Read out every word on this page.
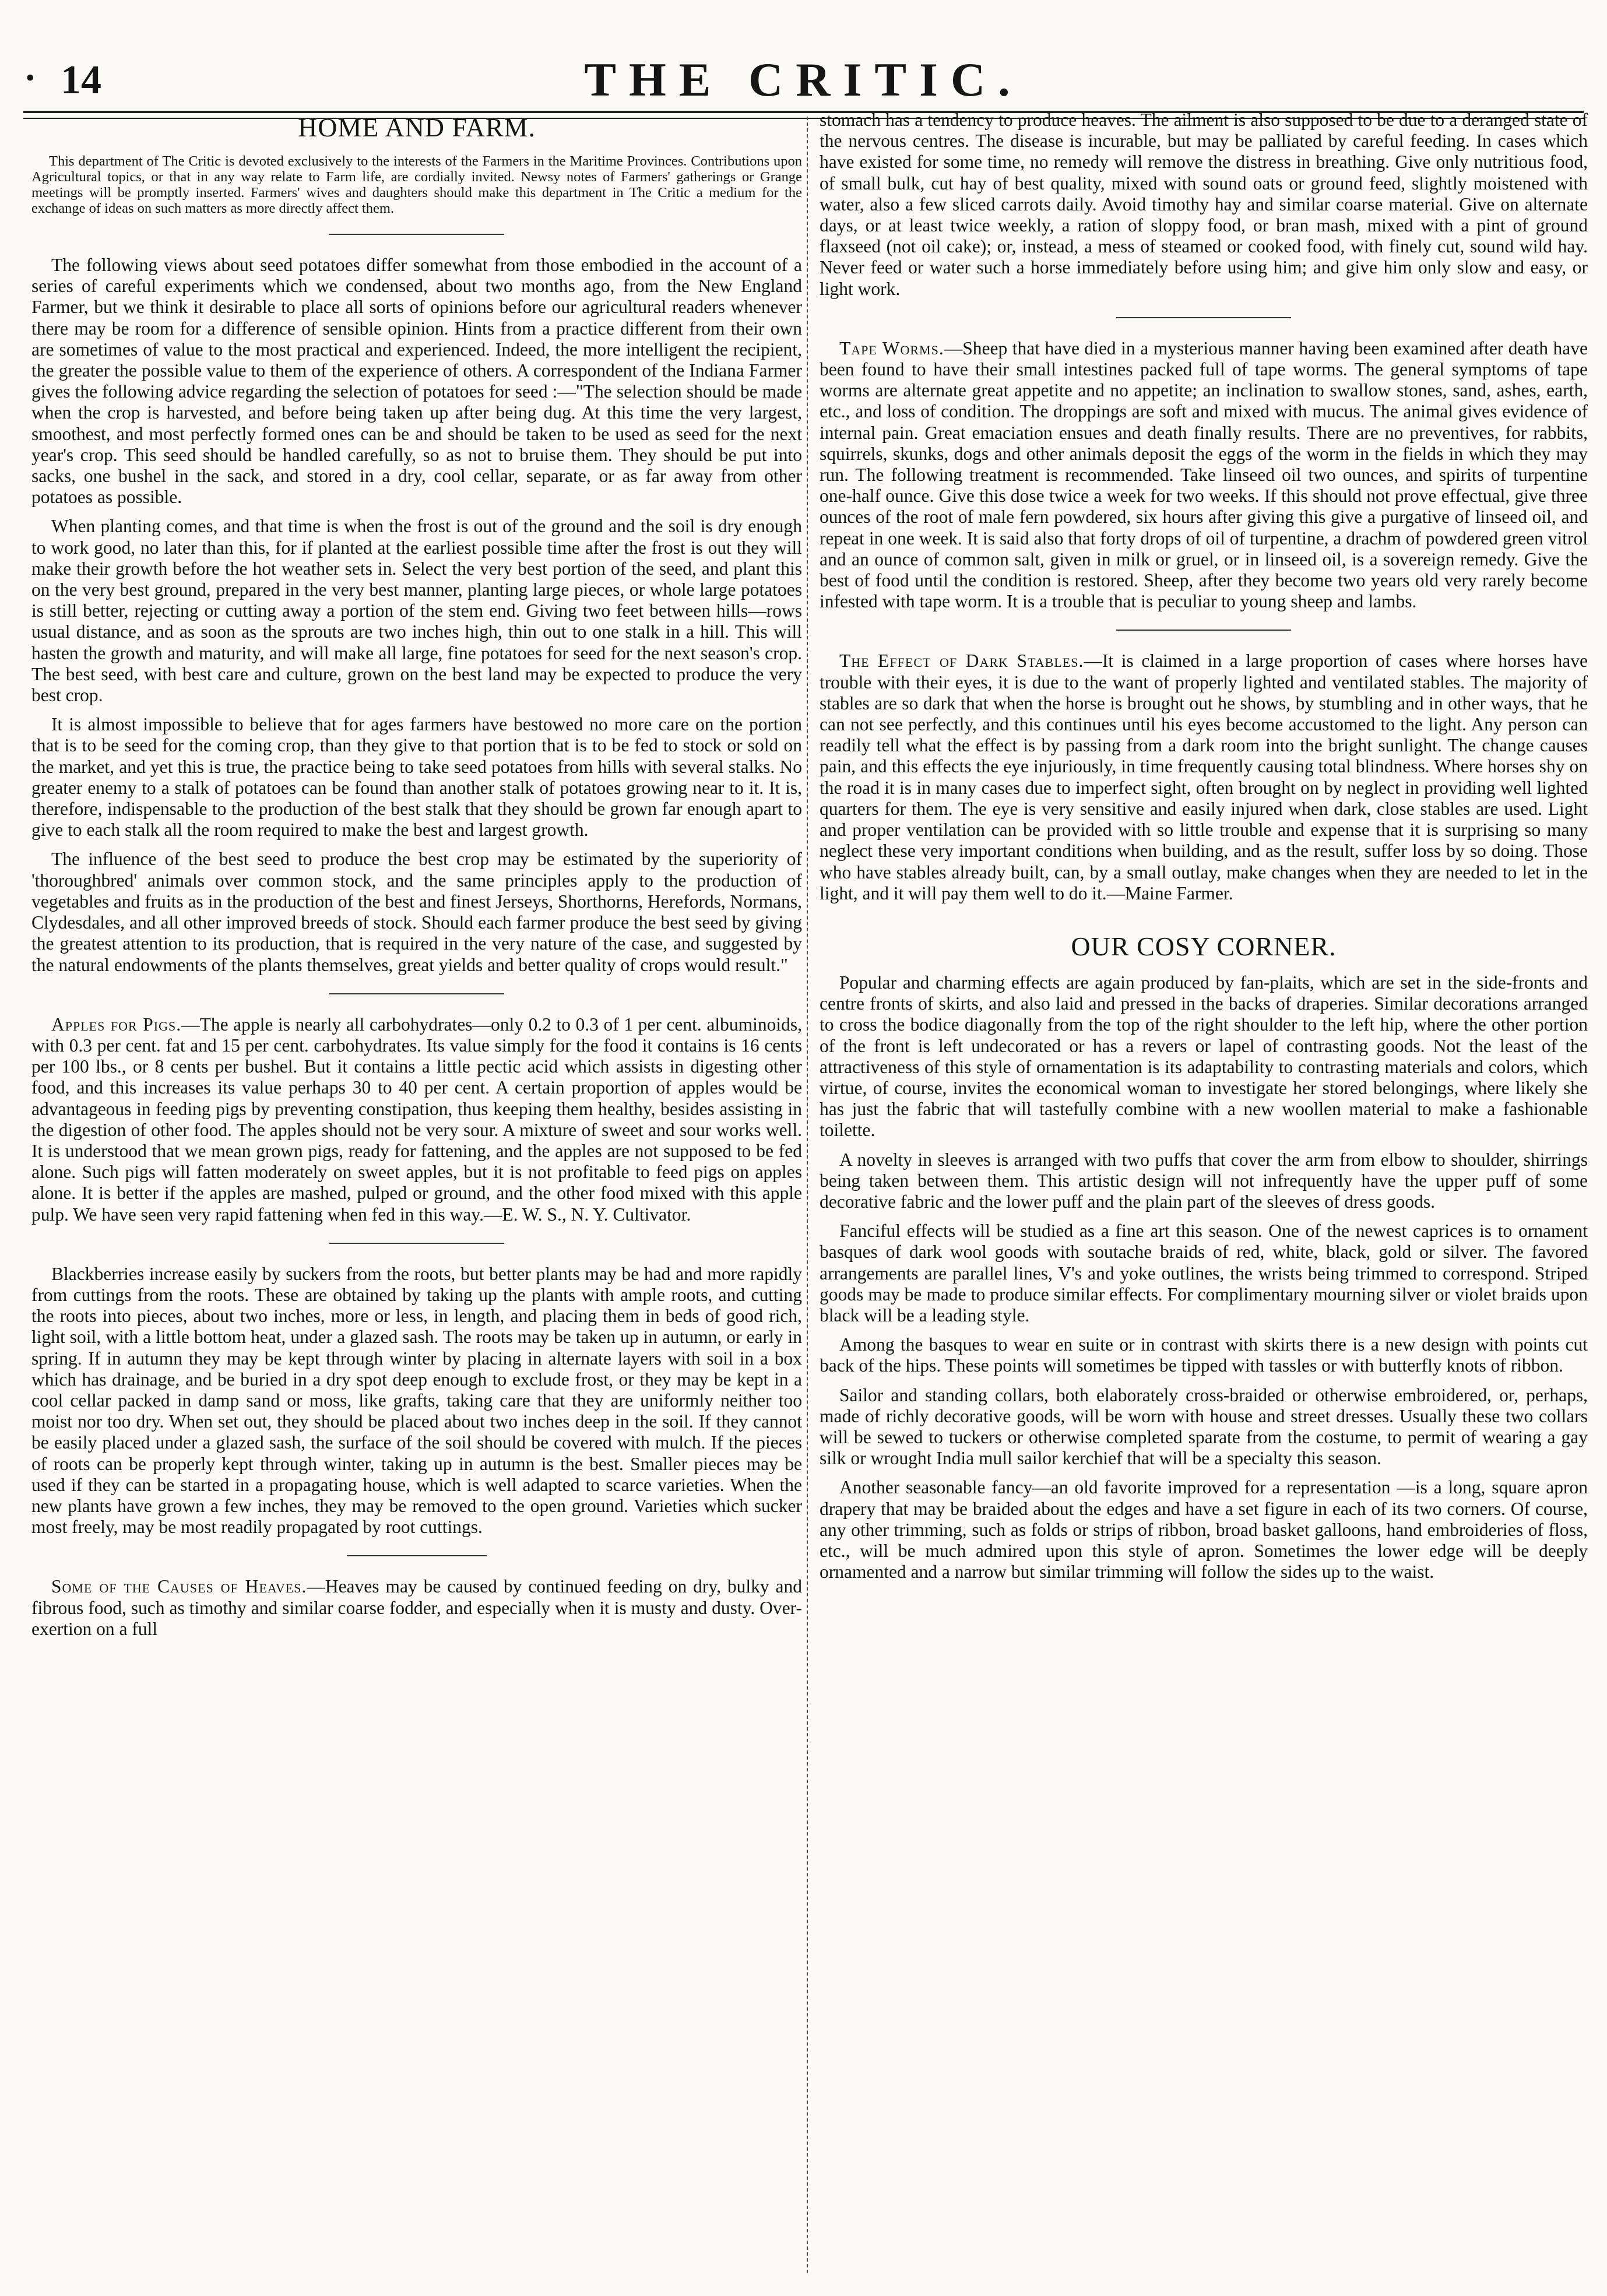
• 14	THE CRITIC.
HOME AND FARM.

This department of The Critic is devoted exclusively to the interests of the Farmers in the Maritime Provinces. Contributions upon Agricultural topics, or that in any way relate to Farm life, are cordially invited. Newsy notes of Farmers' gatherings or Grange meetings will be promptly inserted. Farmers' wives and daughters should make this department in The Critic a medium for the exchange of ideas on such matters as more directly affect them.

The following views about seed potatoes differ somewhat from those embodied in the account of a series of careful experiments which we condensed, about two months ago, from the New England Farmer, but we think it desirable to place all sorts of opinions before our agricultural readers whenever there may be room for a difference of sensible opinion. Hints from a practice different from their own are sometimes of value to the most practical and experienced. Indeed, the more intelligent the recipient, the greater the possible value to them of the experience of others. A correspondent of the Indiana Farmer gives the following advice regarding the selection of potatoes for seed :—"The selection should be made when the crop is harvested, and before being taken up after being dug. At this time the very largest, smoothest, and most perfectly formed ones can be and should be taken to be used as seed for the next year's crop. This seed should be handled carefully, so as not to bruise them. They should be put into sacks, one bushel in the sack, and stored in a dry, cool cellar, separate, or as far away from other potatoes as possible.

When planting comes, and that time is when the frost is out of the ground and the soil is dry enough to work good, no later than this, for if planted at the earliest possible time after the frost is out they will make their growth before the hot weather sets in. Select the very best portion of the seed, and plant this on the very best ground, prepared in the very best manner, planting large pieces, or whole large potatoes is still better, rejecting or cutting away a portion of the stem end. Giving two feet between hills—rows usual distance, and as soon as the sprouts are two inches high, thin out to one stalk in a hill. This will hasten the growth and maturity, and will make all large, fine potatoes for seed for the next season's crop. The best seed, with best care and culture, grown on the best land may be expected to produce the very best crop.

It is almost impossible to believe that for ages farmers have bestowed no more care on the portion that is to be seed for the coming crop, than they give to that portion that is to be fed to stock or sold on the market, and yet this is true, the practice being to take seed potatoes from hills with several stalks. No greater enemy to a stalk of potatoes can be found than another stalk of potatoes growing near to it. It is, therefore, indispensable to the production of the best stalk that they should be grown far enough apart to give to each stalk all the room required to make the best and largest growth.

The influence of the best seed to produce the best crop may be estimated by the superiority of 'thoroughbred' animals over common stock, and the same principles apply to the production of vegetables and fruits as in the production of the best and finest Jerseys, Shorthorns, Herefords, Normans, Clydesdales, and all other improved breeds of stock. Should each farmer produce the best seed by giving the greatest attention to its production, that is required in the very nature of the case, and suggested by the natural endowments of the plants themselves, great yields and better quality of crops would result."

Apples for Pigs.—The apple is nearly all carbohydrates—only 0.2 to 0.3 of 1 per cent. albuminoids, with 0.3 per cent. fat and 15 per cent. carbohydrates. Its value simply for the food it contains is 16 cents per 100 lbs., or 8 cents per bushel. But it contains a little pectic acid which assists in digesting other food, and this increases its value perhaps 30 to 40 per cent. A certain proportion of apples would be advantageous in feeding pigs by preventing constipation, thus keeping them healthy, besides assisting in the digestion of other food. The apples should not be very sour. A mixture of sweet and sour works well. It is understood that we mean grown pigs, ready for fattening, and the apples are not supposed to be fed alone. Such pigs will fatten moderately on sweet apples, but it is not profitable to feed pigs on apples alone. It is better if the apples are mashed, pulped or ground, and the other food mixed with this apple pulp. We have seen very rapid fattening when fed in this way.—E. W. S., N. Y. Cultivator.

Blackberries increase easily by suckers from the roots, but better plants may be had and more rapidly from cuttings from the roots. These are obtained by taking up the plants with ample roots, and cutting the roots into pieces, about two inches, more or less, in length, and placing them in beds of good rich, light soil, with a little bottom heat, under a glazed sash. The roots may be taken up in autumn, or early in spring. If in autumn they may be kept through winter by placing in alternate layers with soil in a box which has drainage, and be buried in a dry spot deep enough to exclude frost, or they may be kept in a cool cellar packed in damp sand or moss, like grafts, taking care that they are uniformly neither too moist nor too dry. When set out, they should be placed about two inches deep in the soil. If they cannot be easily placed under a glazed sash, the surface of the soil should be covered with mulch. If the pieces of roots can be properly kept through winter, taking up in autumn is the best. Smaller pieces may be used if they can be started in a propagating house, which is well adapted to scarce varieties. When the new plants have grown a few inches, they may be removed to the open ground. Varieties which sucker most freely, may be most readily propagated by root cuttings.

Some of the Causes of Heaves.—Heaves may be caused by continued feeding on dry, bulky and fibrous food, such as timothy and similar coarse fodder, and especially when it is musty and dusty. Over-exertion on a full

stomach has a tendency to produce heaves. The ailment is also supposed to be due to a deranged state of the nervous centres. The disease is incurable, but may be palliated by careful feeding. In cases which have existed for some time, no remedy will remove the distress in breathing. Give only nutritious food, of small bulk, cut hay of best quality, mixed with sound oats or ground feed, slightly moistened with water, also a few sliced carrots daily. Avoid timothy hay and similar coarse material. Give on alternate days, or at least twice weekly, a ration of sloppy food, or bran mash, mixed with a pint of ground flaxseed (not oil cake); or, instead, a mess of steamed or cooked food, with finely cut, sound wild hay. Never feed or water such a horse immediately before using him; and give him only slow and easy, or light work.

Tape Worms.—Sheep that have died in a mysterious manner having been examined after death have been found to have their small intestines packed full of tape worms. The general symptoms of tape worms are alternate great appetite and no appetite; an inclination to swallow stones, sand, ashes, earth, etc., and loss of condition. The droppings are soft and mixed with mucus. The animal gives evidence of internal pain. Great emaciation ensues and death finally results. There are no preventives, for rabbits, squirrels, skunks, dogs and other animals deposit the eggs of the worm in the fields in which they may run. The following treatment is recommended. Take linseed oil two ounces, and spirits of turpentine one-half ounce. Give this dose twice a week for two weeks. If this should not prove effectual, give three ounces of the root of male fern powdered, six hours after giving this give a purgative of linseed oil, and repeat in one week. It is said also that forty drops of oil of turpentine, a drachm of powdered green vitrol and an ounce of common salt, given in milk or gruel, or in linseed oil, is a sovereign remedy. Give the best of food until the condition is restored. Sheep, after they become two years old very rarely become infested with tape worm. It is a trouble that is peculiar to young sheep and lambs.

The Effect of Dark Stables.—It is claimed in a large proportion of cases where horses have trouble with their eyes, it is due to the want of properly lighted and ventilated stables. The majority of stables are so dark that when the horse is brought out he shows, by stumbling and in other ways, that he can not see perfectly, and this continues until his eyes become accustomed to the light. Any person can readily tell what the effect is by passing from a dark room into the bright sunlight. The change causes pain, and this effects the eye injuriously, in time frequently causing total blindness. Where horses shy on the road it is in many cases due to imperfect sight, often brought on by neglect in providing well lighted quarters for them. The eye is very sensitive and easily injured when dark, close stables are used. Light and proper ventilation can be provided with so little trouble and expense that it is surprising so many neglect these very important conditions when building, and as the result, suffer loss by so doing. Those who have stables already built, can, by a small outlay, make changes when they are needed to let in the light, and it will pay them well to do it.—Maine Farmer.

OUR COSY CORNER.

Popular and charming effects are again produced by fan-plaits, which are set in the side-fronts and centre fronts of skirts, and also laid and pressed in the backs of draperies. Similar decorations arranged to cross the bodice diagonally from the top of the right shoulder to the left hip, where the other portion of the front is left undecorated or has a revers or lapel of contrasting goods. Not the least of the attractiveness of this style of ornamentation is its adaptability to contrasting materials and colors, which virtue, of course, invites the economical woman to investigate her stored belongings, where likely she has just the fabric that will tastefully combine with a new woollen material to make a fashionable toilette.

A novelty in sleeves is arranged with two puffs that cover the arm from elbow to shoulder, shirrings being taken between them. This artistic design will not infrequently have the upper puff of some decorative fabric and the lower puff and the plain part of the sleeves of dress goods.

Fanciful effects will be studied as a fine art this season. One of the newest caprices is to ornament basques of dark wool goods with soutache braids of red, white, black, gold or silver. The favored arrangements are parallel lines, V's and yoke outlines, the wrists being trimmed to correspond. Striped goods may be made to produce similar effects. For complimentary mourning silver or violet braids upon black will be a leading style.

Among the basques to wear en suite or in contrast with skirts there is a new design with points cut back of the hips. These points will sometimes be tipped with tassles or with butterfly knots of ribbon.

Sailor and standing collars, both elaborately cross-braided or otherwise embroidered, or, perhaps, made of richly decorative goods, will be worn with house and street dresses. Usually these two collars will be sewed to tuckers or otherwise completed sparate from the costume, to permit of wearing a gay silk or wrought India mull sailor kerchief that will be a specialty this season.

Another seasonable fancy—an old favorite improved for a representation —is a long, square apron drapery that may be braided about the edges and have a set figure in each of its two corners. Of course, any other trimming, such as folds or strips of ribbon, broad basket galloons, hand embroideries of floss, etc., will be much admired upon this style of apron. Sometimes the lower edge will be deeply ornamented and a narrow but similar trimming will follow the sides up to the waist.
